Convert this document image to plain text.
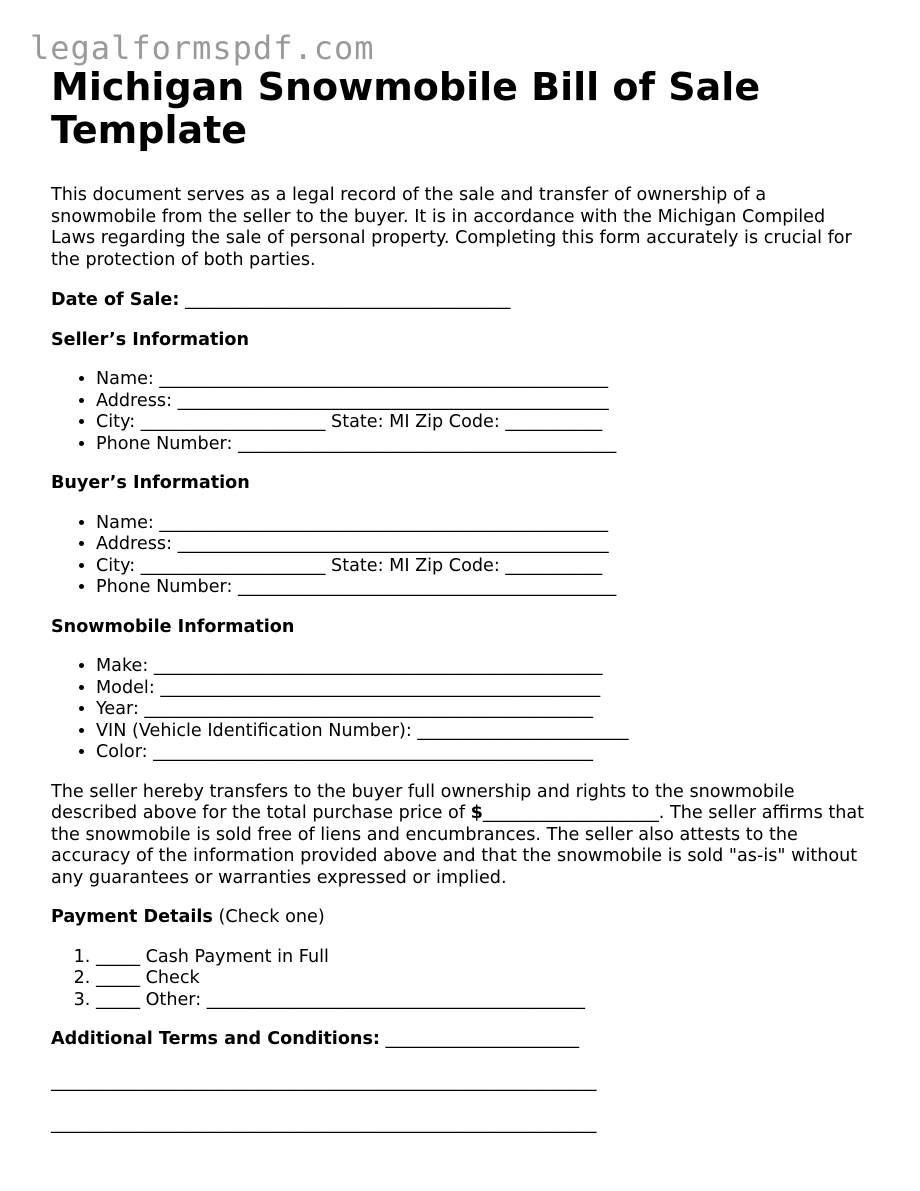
legalformspdf.com
Michigan Snowmobile Bill of Sale Template

This document serves as a legal record of the sale and transfer of ownership of a snowmobile from the seller to the buyer. It is in accordance with the Michigan Compiled Laws regarding the sale of personal property. Completing this form accurately is crucial for the protection of both parties.

Date of Sale: _____________________________________

Seller’s Information
• Name: ___________________________________________________
• Address: _________________________________________________
• City: _____________________ State: MI Zip Code: ___________
• Phone Number: ___________________________________________
Buyer’s Information
• Name: ___________________________________________________
• Address: _________________________________________________
• City: _____________________ State: MI Zip Code: ___________
• Phone Number: ___________________________________________
Snowmobile Information
• Make: ___________________________________________________
• Model: __________________________________________________
• Year: ___________________________________________________
• VIN (Vehicle Identification Number): ________________________
• Color: __________________________________________________

The seller hereby transfers to the buyer full ownership and rights to the snowmobile described above for the total purchase price of $____________________. The seller affirms that the snowmobile is sold free of liens and encumbrances. The seller also attests to the accuracy of the information provided above and that the snowmobile is sold "as-is" without any guarantees or warranties expressed or implied.

Payment Details (Check one)

1. _____ Cash Payment in Full
2. _____ Check
3. _____ Other: ___________________________________________

Additional Terms and Conditions: ______________________

______________________________________________________________

______________________________________________________________
